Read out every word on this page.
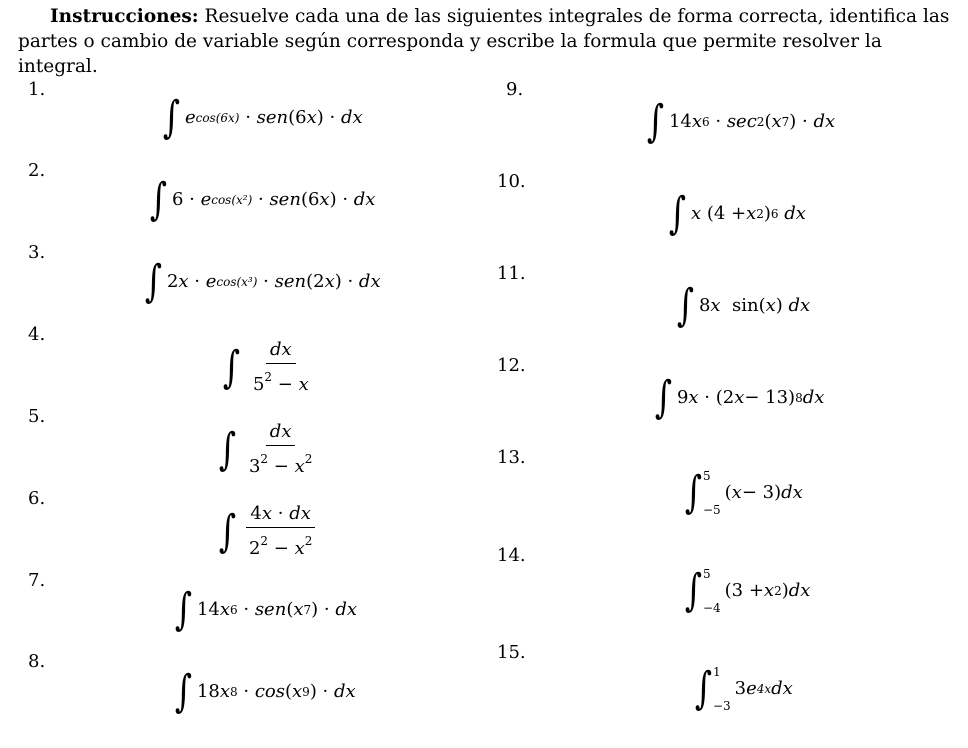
Instrucciones: Resuelve cada una de las siguientes integrales de forma correcta, identifica las partes o cambio de variable según corresponda y escribe la formula que permite resolver la integral.
1.
2.
3.
4.
5.
6.
7.
8.
9.
10.
11.
12.
13.
14.
15.
∫ e cos(6x) · sen (6 x ) · dx
∫ 6 · e cos(x²) · sen (6 x ) · dx
∫ 2 x · e cos(x³) · sen (2 x ) · dx
∫ $\frac{dx}{5^2 - x}$
∫ $\frac{dx}{3^2 - x^2}$
∫ $\frac{4x \cdot dx}{2^2 - x^2}$
∫ 14 x 6 · sen ( x 7 ) · dx
∫ 18 x 8 · cos ( x 9 ) · dx
∫ 14 x 6 · sec 2 ( x 7 ) · dx
∫ x (4 + x 2 ) 6 dx
∫ 8 x sin( x ) dx
∫ 9 x · (2 x − 13) 8 dx
∫ 5
−5
( x − 3) dx
∫ 5
−4
(3 + x 2 ) dx
∫ 1
−3
3 e 4x dx
